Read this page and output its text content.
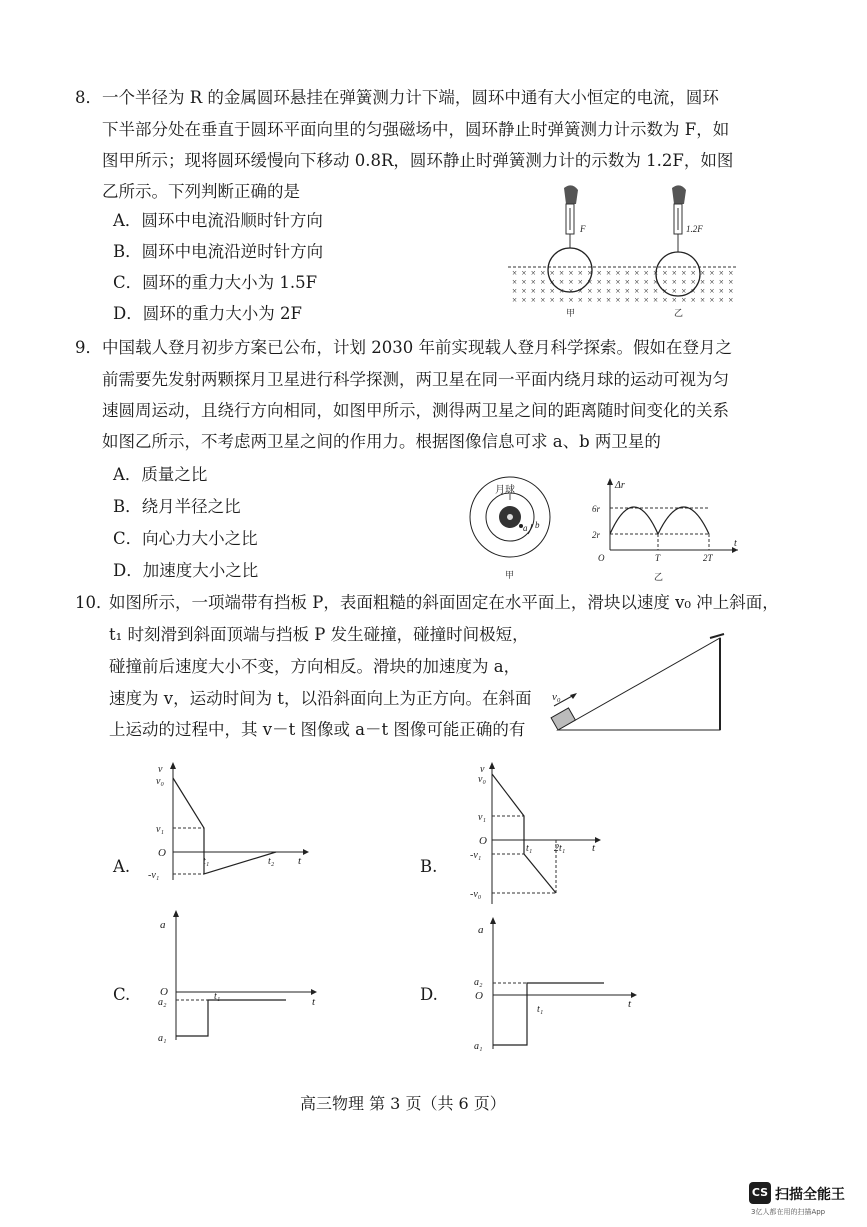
8． 一个半径为 R 的金属圆环悬挂在弹簧测力计下端，圆环中通有大小恒定的电流，圆环
下半部分处在垂直于圆环平面向里的匀强磁场中，圆环静止时弹簧测力计示数为 F，如
图甲所示；现将圆环缓慢向下移动 0.8R，圆环静止时弹簧测力计的示数为 1.2F，如图
乙所示。下列判断正确的是
A．圆环中电流沿顺时针方向
B．圆环中电流沿逆时针方向
C．圆环的重力大小为 1.5F
D．圆环的重力大小为 2F
× × × × × × × × × × × × × × × × × × × × × × × ×
× × × × × × × × × × × × × × × × × × × × × × × ×
× × × × × × × × × × × × × × × × × × × × × × × ×
× × × × × × × × × × × × × × × × × × × × × × × ×
F	1.2F
甲	乙
9． 中国载人登月初步方案已公布，计划 2030 年前实现载人登月科学探索。假如在登月之
前需要先发射两颗探月卫星进行科学探测，两卫星在同一平面内绕月球的运动可视为匀
速圆周运动，且绕行方向相同，如图甲所示，测得两卫星之间的距离随时间变化的关系
如图乙所示，不考虑两卫星之间的作用力。根据图像信息可求 a、b 两卫星的
A．质量之比
B．绕月半径之比
C．向心力大小之比
D．加速度大小之比
月球
a b
甲
Δr
t
6r
2r
O	T	2T
乙
10．
如图所示，一项端带有挡板 P，表面粗糙的斜面固定在水平面上，滑块以速度 v₀ 冲上斜面，
t₁ 时刻滑到斜面顶端与挡板 P 发生碰撞，碰撞时间极短，
碰撞前后速度大小不变，方向相反。滑块的加速度为 a，
速度为 v，运动时间为 t，以沿斜面向上为正方向。在斜面
上运动的过程中，其 v－t 图像或 a－t 图像可能正确的有
v₀
A.
v
v₀
v₁
O
-v₁
t₁	t₂ t	B.
v
v₀
v₁
O
-v₁
-v₀
t₁ 2t₁ t
C.
a
O
a₂
a₁
t₁	t	D.
a
a₂
O
a₁
t₁	t
高三物理 第 3 页（共 6 页）
CS 扫描全能王
3亿人都在用的扫描App
